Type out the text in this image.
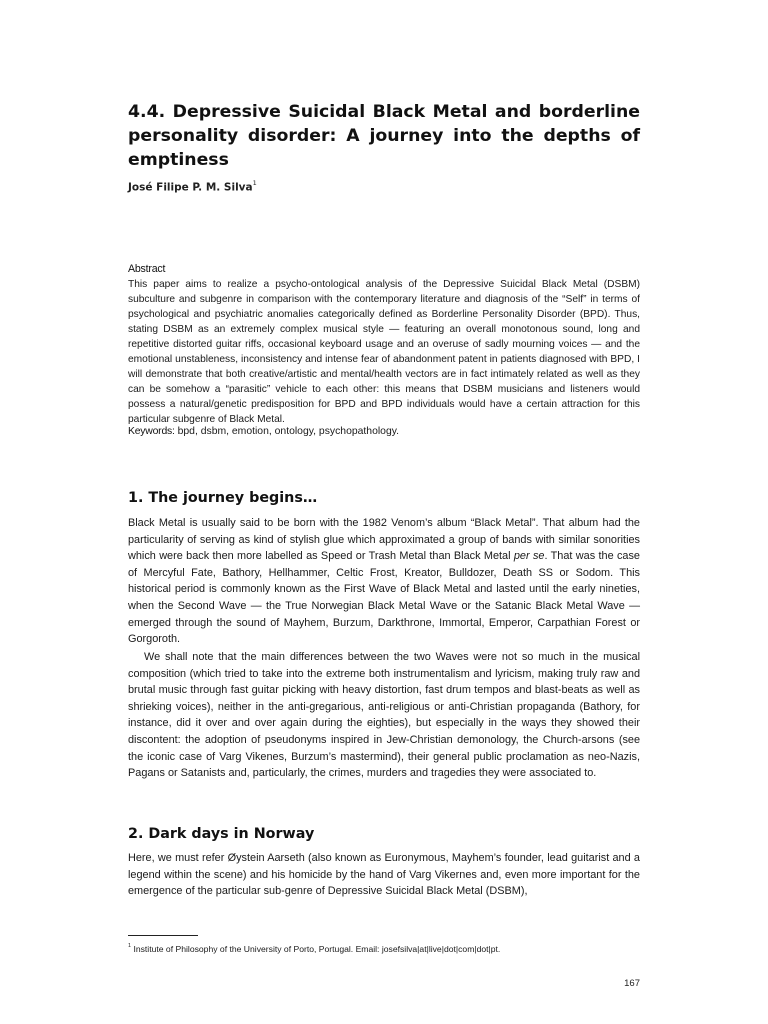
4.4. Depressive Suicidal Black Metal and borderline personality disorder: A journey into the depths of emptiness

José Filipe P. M. Silva$^1$

Abstract
This paper aims to realize a psycho-ontological analysis of the Depressive Suicidal Black Metal (DSBM) subculture and subgenre in comparison with the contemporary literature and diagnosis of the “Self” in terms of psychological and psychiatric anomalies categorically defined as Borderline Personality Disorder (BPD). Thus, stating DSBM as an extremely complex musical style — featuring an overall monotonous sound, long and repetitive distorted guitar riffs, occasional keyboard usage and an overuse of sadly mourning voices — and the emotional unstableness, inconsistency and intense fear of abandonment patent in patients diagnosed with BPD, I will demonstrate that both creative/artistic and mental/health vectors are in fact intimately related as well as they can be somehow a “parasitic” vehicle to each other: this means that DSBM musicians and listeners would possess a natural/genetic predisposition for BPD and BPD individuals would have a certain attraction for this particular subgenre of Black Metal.

Keywords: bpd, dsbm, emotion, ontology, psychopathology.

1. The journey begins…

Black Metal is usually said to be born with the 1982 Venom’s album “Black Metal”. That album had the particularity of serving as kind of stylish glue which approximated a group of bands with similar sonorities which were back then more labelled as Speed or Trash Metal than Black Metal per se. That was the case of Mercyful Fate, Bathory, Hellhammer, Celtic Frost, Kreator, Bulldozer, Death SS or Sodom. This historical period is commonly known as the First Wave of Black Metal and lasted until the early nineties, when the Second Wave — the True Norwegian Black Metal Wave or the Satanic Black Metal Wave — emerged through the sound of Mayhem, Burzum, Darkthrone, Immortal, Emperor, Carpathian Forest or Gorgoroth.

We shall note that the main differences between the two Waves were not so much in the musical composition (which tried to take into the extreme both instrumentalism and lyricism, making truly raw and brutal music through fast guitar picking with heavy distortion, fast drum tempos and blast-beats as well as shrieking voices), neither in the anti-gregarious, anti-religious or anti-Christian propaganda (Bathory, for instance, did it over and over again during the eighties), but especially in the ways they showed their discontent: the adoption of pseudonyms inspired in Jew-Christian demonology, the Church-arsons (see the iconic case of Varg Vikenes, Burzum’s mastermind), their general public proclamation as neo-Nazis, Pagans or Satanists and, particularly, the crimes, murders and tragedies they were associated to.

2. Dark days in Norway

Here, we must refer Øystein Aarseth (also known as Euronymous, Mayhem’s founder, lead guitarist and a legend within the scene) and his homicide by the hand of Varg Vikernes and, even more important for the emergence of the particular sub-genre of Depressive Suicidal Black Metal (DSBM),

$^1$ Institute of Philosophy of the University of Porto, Portugal. Email: josefsilva|at|live|dot|com|dot|pt.

167
